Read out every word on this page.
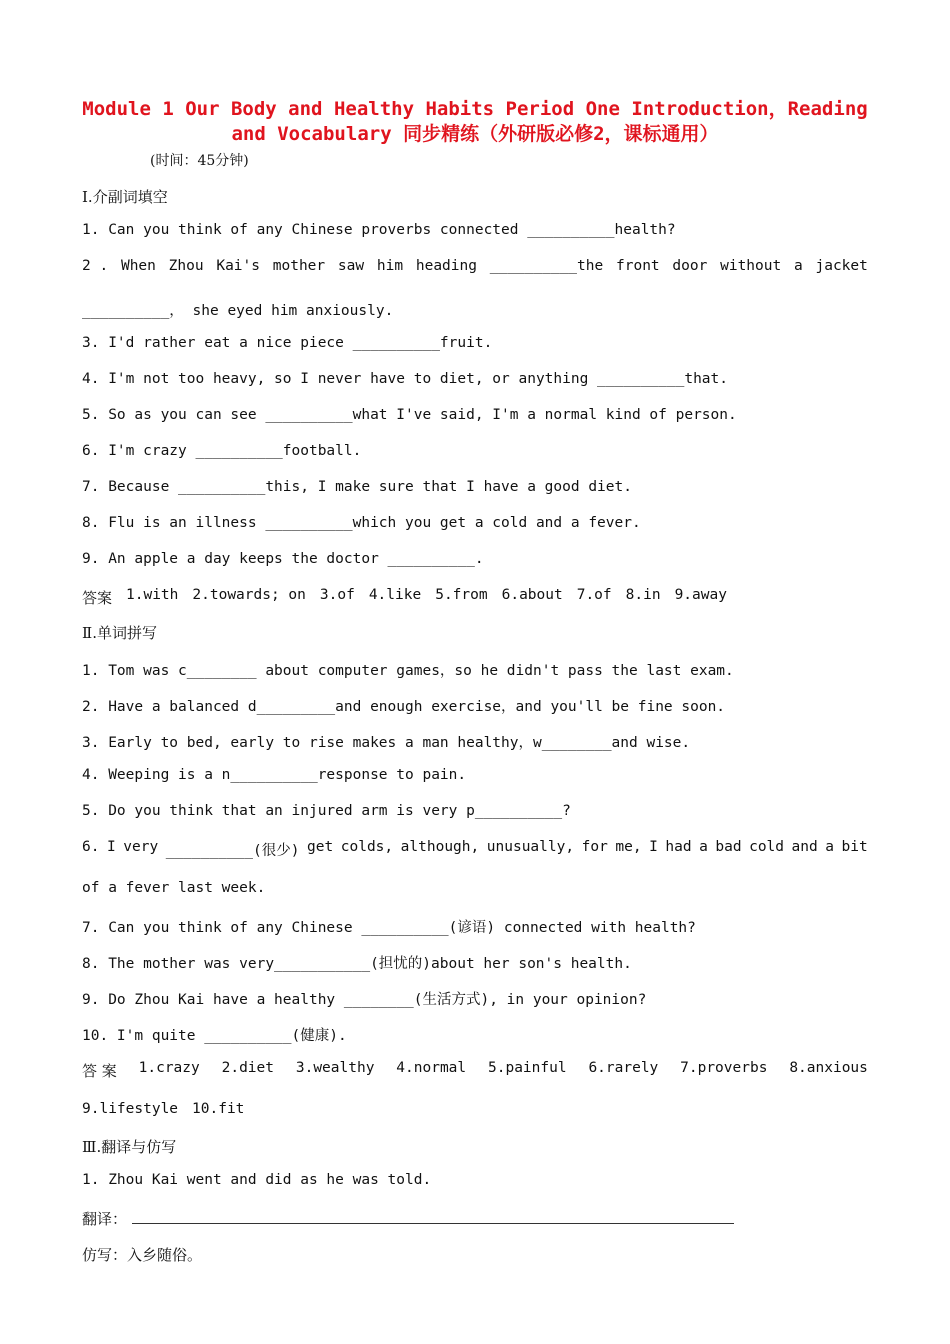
Module 1 Our Body and Healthy Habits Period One Introduction，Reading
and Vocabulary 同步精练（外研版必修2，课标通用）
(时间：45分钟)
Ⅰ.介副词填空
1. Can you think of any Chinese proverbs connected __________health?
2 . When Zhou Kai's mother saw him heading __________the front door without a jacket
__________， she eyed him anxiously.
3. I'd rather eat a nice piece __________fruit.
4. I'm not too heavy, so I never have to diet, or anything __________that.
5. So as you can see __________what I've said, I'm a normal kind of person.
6. I'm crazy __________football.
7. Because __________this, I make sure that I have a good diet.
8. Flu is an illness __________which you get a cold and a fever.
9. An apple a day keeps the doctor __________.
答案 1.with 2.towards; on 3.of 4.like 5.from 6.about 7.of 8.in 9.away
Ⅱ.单词拼写
1. Tom was c________ about computer games，so he didn't pass the last exam.
2. Have a balanced d_________and enough exercise，and you'll be fine soon.
3. Early to bed, early to rise makes a man healthy，w________and wise.
4. Weeping is a n__________response to pain.
5. Do you think that an injured arm is very p__________?
6. I very __________(很少) get colds, although, unusually, for me, I had a bad cold and a bit
of a fever last week.
7. Can you think of any Chinese __________(谚语) connected with health?
8. The mother was very___________(担忧的)about her son's health.
9. Do Zhou Kai have a healthy ________(生活方式), in your opinion?
10. I'm quite __________(健康).
答 案 1.crazy 2.diet 3.wealthy 4.normal 5.painful 6.rarely 7.proverbs 8.anxious
9.lifestyle 10.fit
Ⅲ.翻译与仿写
1. Zhou Kai went and did as he was told.
翻译：
仿写：入乡随俗。
